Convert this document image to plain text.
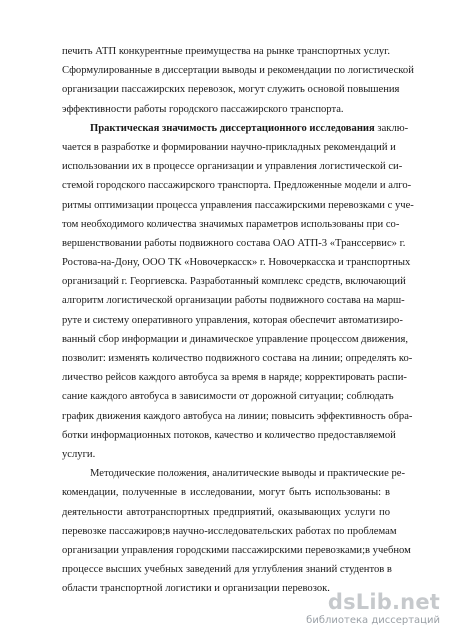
печить АТП конкурентные преимущества на рынке транспортных услуг.
Сформулированные в диссертации выводы и рекомендации по логистической
организации пассажирских перевозок, могут служить основой повышения
эффективности работы городского пассажирского транспорта.
Практическая значимость диссертационного исследования заклю-
чается в разработке и формировании научно-прикладных рекомендаций и
использовании их в процессе организации и управления логистической си-
стемой городского пассажирского транспорта. Предложенные модели и алго-
ритмы оптимизации процесса управления пассажирскими перевозками с уче-
том необходимого количества значимых параметров использованы при со-
вершенствовании работы подвижного состава ОАО АТП-3 «Транссервис» г.
Ростова-на-Дону, ООО ТК «Новочеркасск» г. Новочеркасска и транспортных
организаций г. Георгиевска. Разработанный комплекс средств, включающий
алгоритм логистической организации работы подвижного состава на марш-
руте и систему оперативного управления, которая обеспечит автоматизиро-
ванный сбор информации и динамическое управление процессом движения,
позволит: изменять количество подвижного состава на линии; определять ко-
личество рейсов каждого автобуса за время в наряде; корректировать распи-
сание каждого автобуса в зависимости от дорожной ситуации; соблюдать
график движения каждого автобуса на линии; повысить эффективность обра-
ботки информационных потоков, качество и количество предоставляемой
услуги.
Методические положения, аналитические выводы и практические ре-
комендации, полученные в исследовании, могут быть использованы: в
деятельности автотранспортных предприятий, оказывающих услуги по
перевозке пассажиров;в научно-исследовательских работах по проблемам
организации управления городскими пассажирскими перевозками;в учебном
процессе высших учебных заведений для углубления знаний студентов в
области транспортной логистики и организации перевозок.
dsLib.net
библиотека диссертаций
